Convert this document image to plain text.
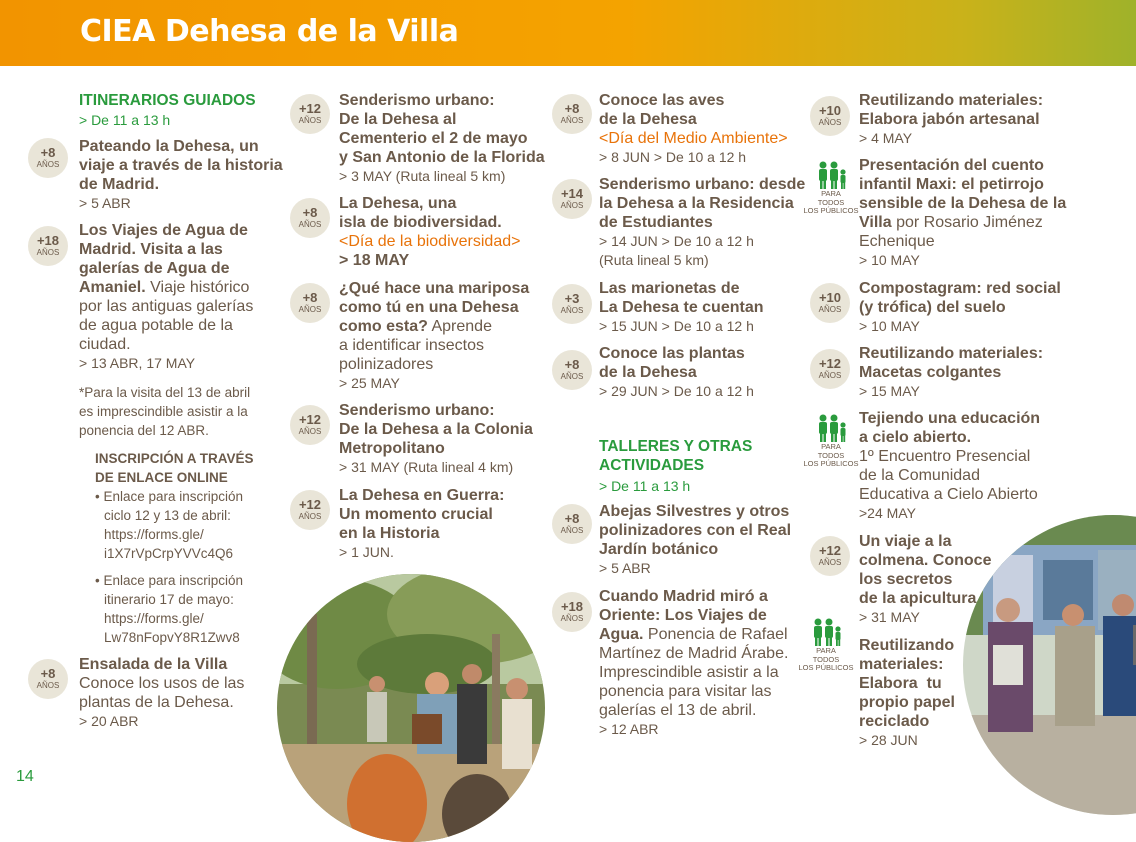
CIEA Dehesa de la Villa
ITINERARIOS GUIADOS
> De 11 a 13 h
+8
AÑOS
Pateando la Dehesa, un
viaje a través de la historia
de Madrid.
> 5 ABR
+18
AÑOS
Los Viajes de Agua de
Madrid. Visita a las
galerías de Agua de
Amaniel. Viaje histórico
por las antiguas galerías
de agua potable de la
ciudad.
> 13 ABR, 17 MAY
*Para la visita del 13 de abril
es imprescindible asistir a la
ponencia del 12 ABR.
INSCRIPCIÓN A TRAVÉS
DE ENLACE ONLINE
• Enlace para inscripción
ciclo 12 y 13 de abril:
https://forms.gle/
i1X7rVpCrpYVVc4Q6
• Enlace para inscripción
itinerario 17 de mayo:
https://forms.gle/
Lw78nFopvY8R1Zwv8
+8
AÑOS
Ensalada de la Villa
Conoce los usos de las
plantas de la Dehesa.
> 20 ABR
+12
AÑOS
Senderismo urbano:
De la Dehesa al
Cementerio el 2 de mayo
y San Antonio de la Florida
> 3 MAY (Ruta lineal 5 km)
+8
AÑOS
La Dehesa, una
isla de biodiversidad.
<Día de la biodiversidad>
> 18 MAY
+8
AÑOS
¿Qué hace una mariposa
como tú en una Dehesa
como esta? Aprende
a identificar insectos
polinizadores
> 25 MAY
+12
AÑOS
Senderismo urbano:
De la Dehesa a la Colonia
Metropolitano
> 31 MAY (Ruta lineal 4 km)
+12
AÑOS
La Dehesa en Guerra:
Un momento crucial
en la Historia
> 1 JUN.
+8
AÑOS
Conoce las aves
de la Dehesa
<Día del Medio Ambiente>
> 8 JUN > De 10 a 12 h
+14
AÑOS
Senderismo urbano: desde
la Dehesa a la Residencia
de Estudiantes
> 14 JUN > De 10 a 12 h
(Ruta lineal 5 km)
+3
AÑOS
Las marionetas de
La Dehesa te cuentan
> 15 JUN > De 10 a 12 h
+8
AÑOS
Conoce las plantas
de la Dehesa
> 29 JUN > De 10 a 12 h
TALLERES Y OTRAS
ACTIVIDADES
> De 11 a 13 h
+8
AÑOS
Abejas Silvestres y otros
polinizadores con el Real
Jardín botánico
> 5 ABR
+18
AÑOS
Cuando Madrid miró a
Oriente: Los Viajes de
Agua. Ponencia de Rafael
Martínez de Madrid Árabe.
Imprescindible asistir a la
ponencia para visitar las
galerías el 13 de abril.
> 12 ABR
+10
AÑOS
Reutilizando materiales:
Elabora jabón artesanal
> 4 MAY
PARA
TODOS
LOS PÚBLICOS
Presentación del cuento
infantil Maxi: el petirrojo
sensible de la Dehesa de la
Villa por Rosario Jiménez
Echenique
> 10 MAY
+10
AÑOS
Compostagram: red social
(y trófica) del suelo
> 10 MAY
+12
AÑOS
Reutilizando materiales:
Macetas colgantes
> 15 MAY
PARA
TODOS
LOS PÚBLICOS
Tejiendo una educación
a cielo abierto.
1º Encuentro Presencial
de la Comunidad
Educativa a Cielo Abierto
>24 MAY
+12
AÑOS
Un viaje a la
colmena. Conoce
los secretos
de la apicultura
> 31 MAY
PARA
TODOS
LOS PÚBLICOS
Reutilizando
materiales:
Elabora  tu
propio papel
reciclado
> 28 JUN
14
